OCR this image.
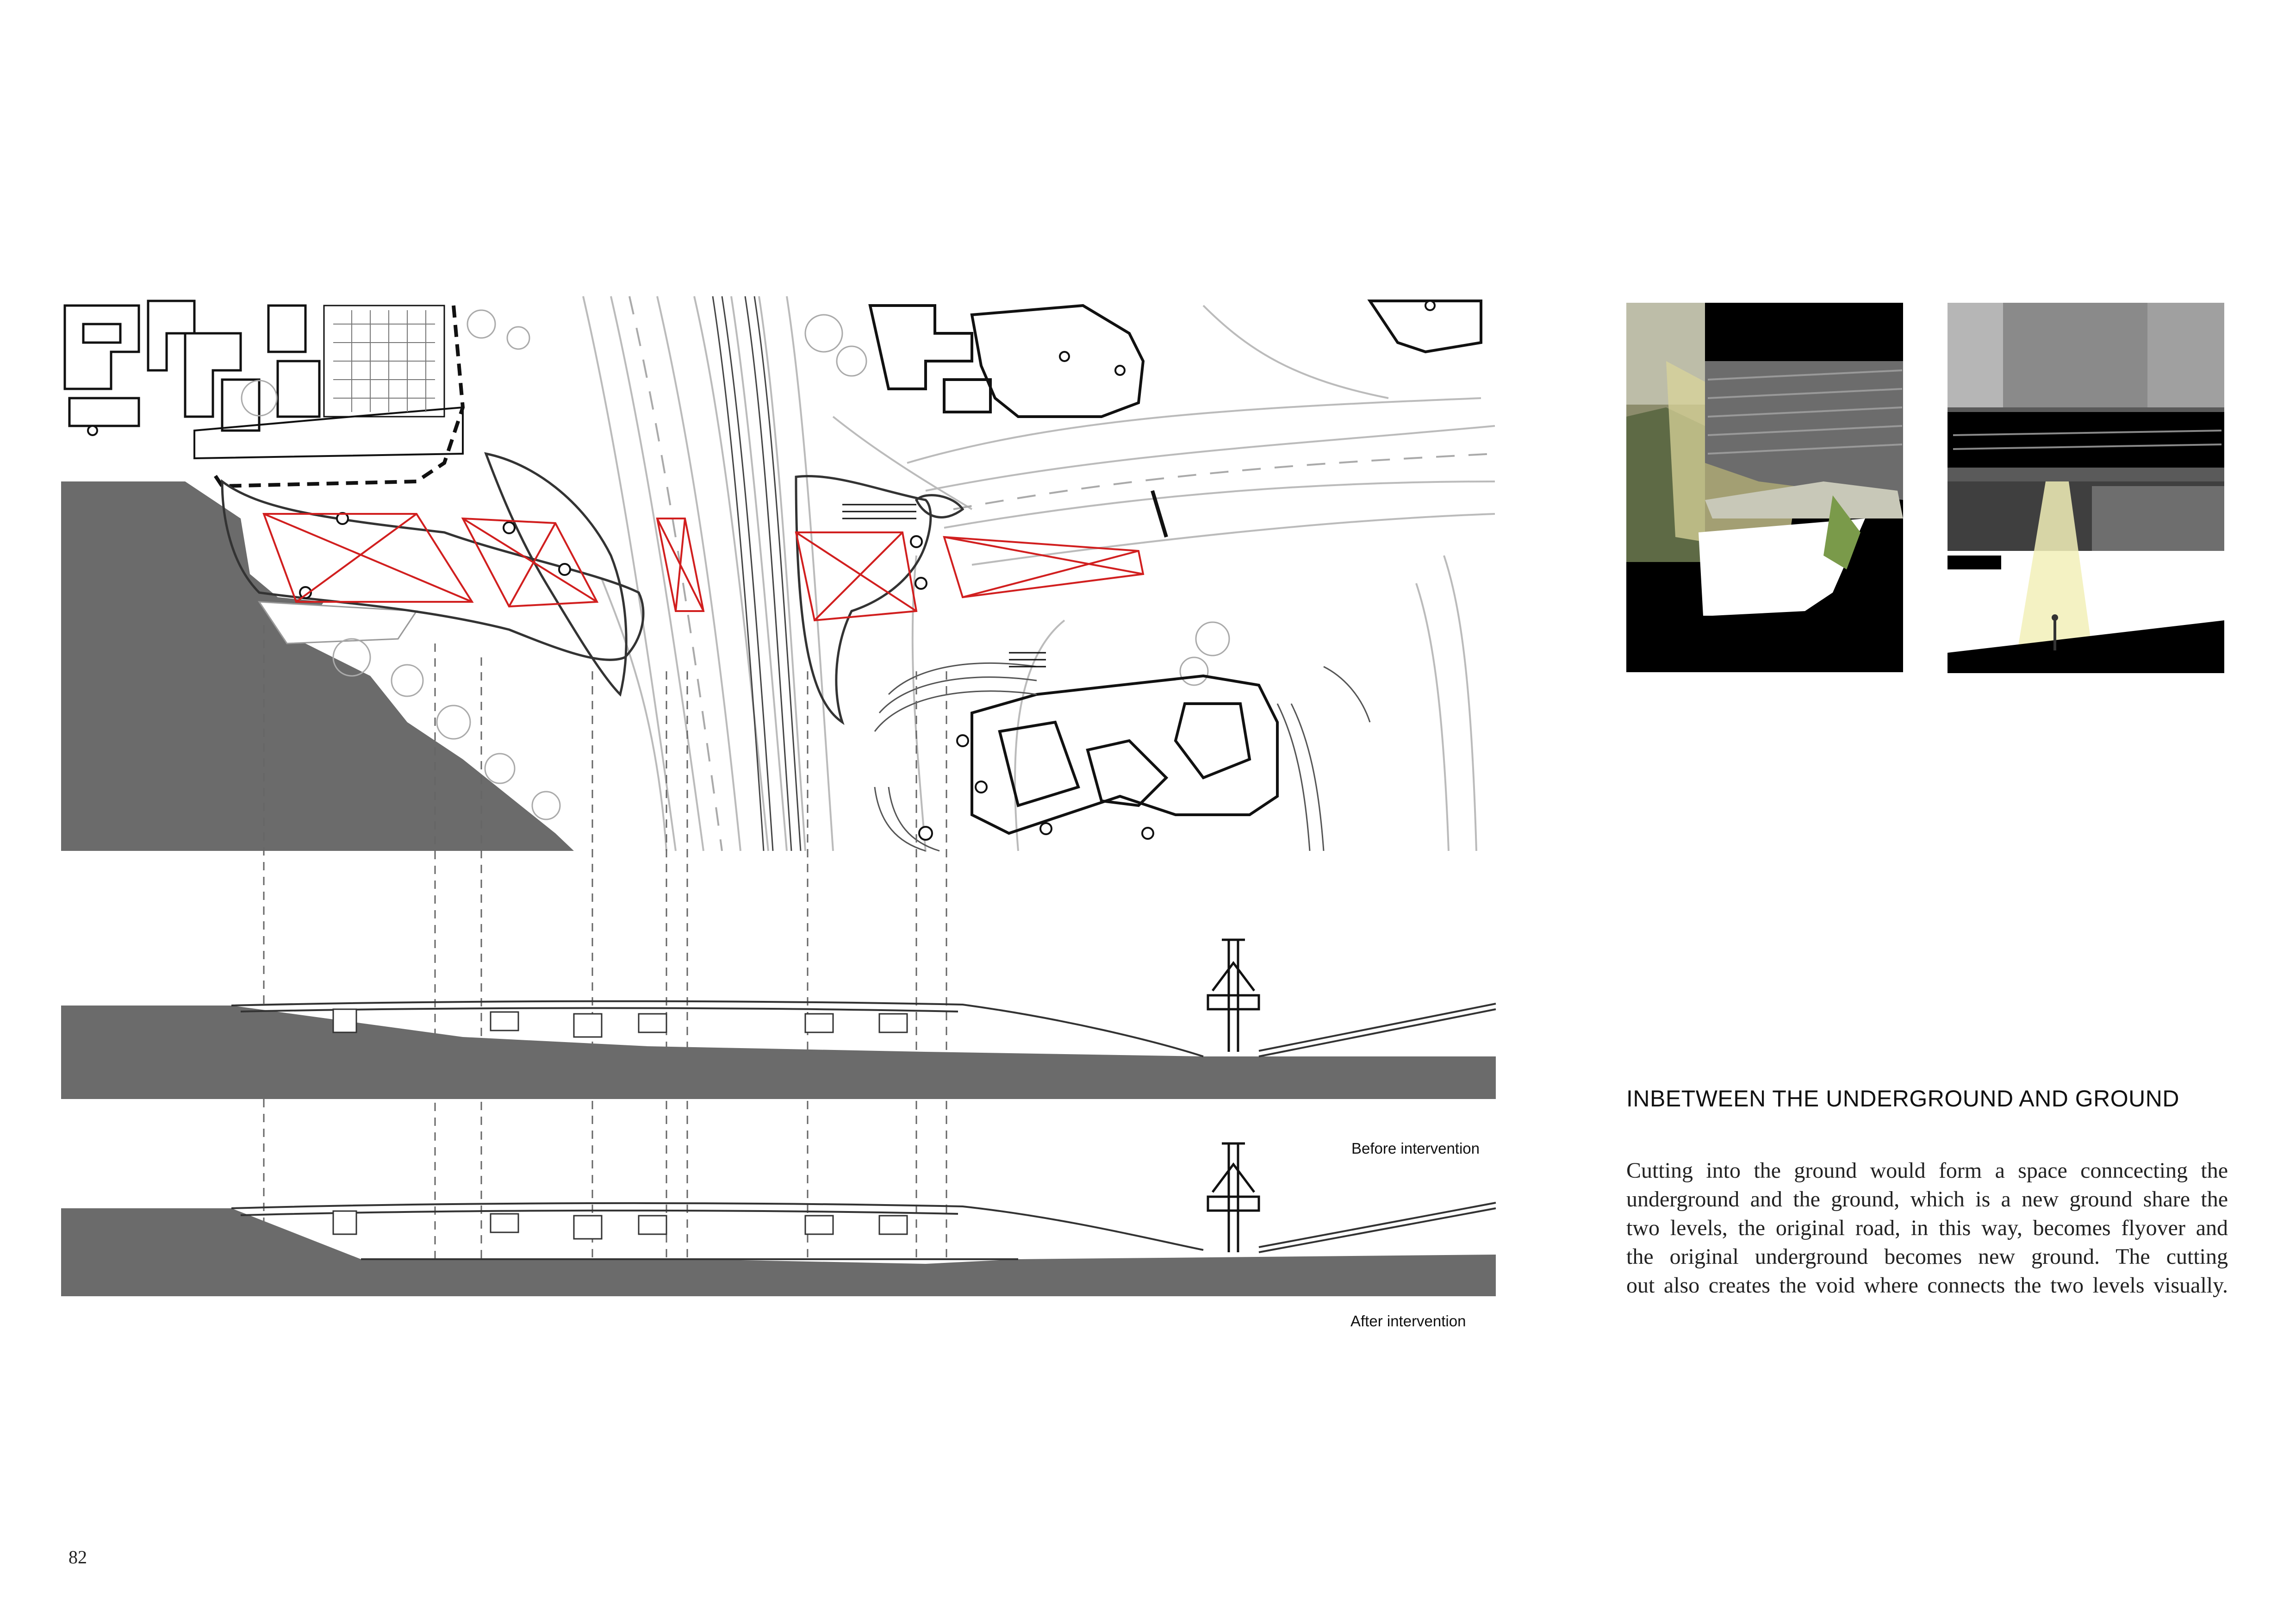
Before intervention
After intervention
INBETWEEN THE UNDERGROUND AND GROUND

Cutting into the ground would form a space conncecting the

underground and the ground, which is a new ground share the

two levels, the original road, in this way, becomes flyover and

the original underground becomes new ground. The cutting

out also creates the void where connects the two levels visually.

82
